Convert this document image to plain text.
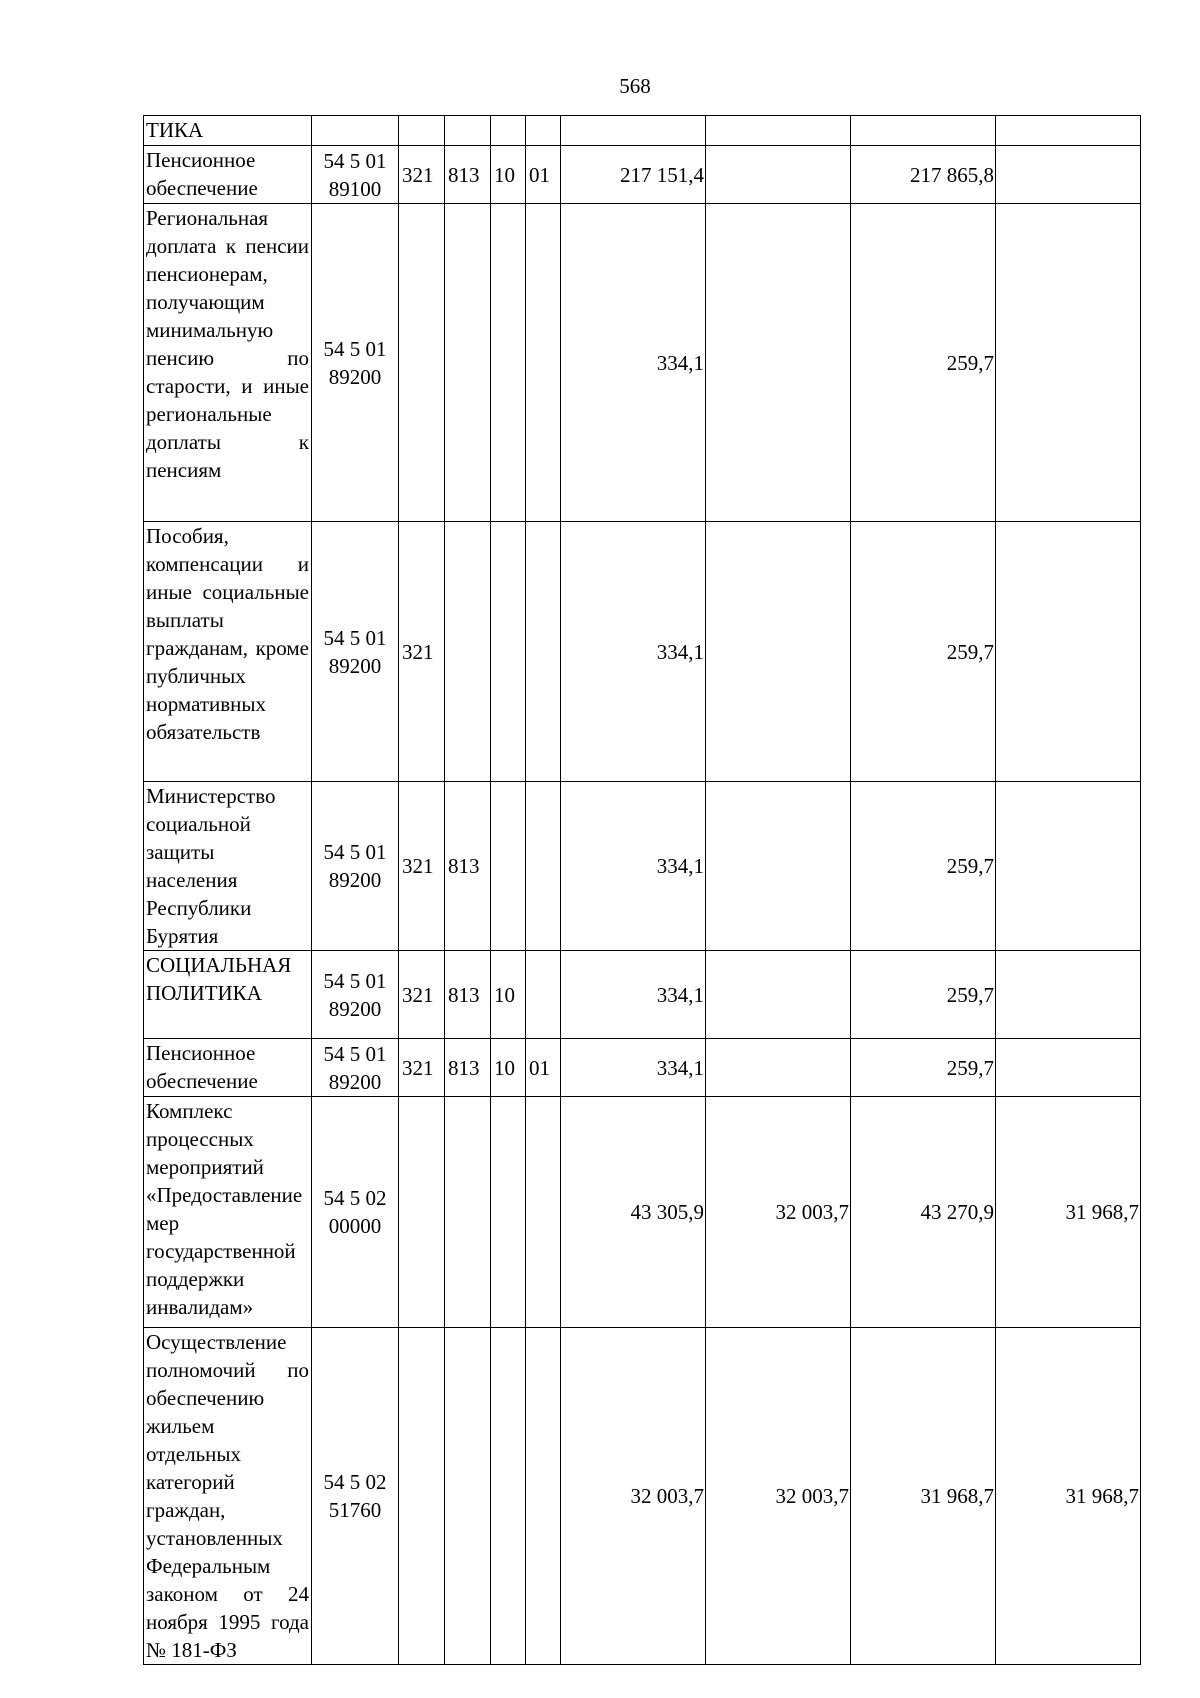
568
ТИКА									
Пенсионное обеспечение	54 5 01 89100	321	813	10	01	217 151,4		217 865,8	
Региональная доплата к пенсии пенсионерам, получающим минимальную пенсию по старости, и иные региональные доплаты к пенсиям	54 5 01 89200					334,1		259,7	
Пособия, компенсации и иные социальные выплаты гражданам, кроме публичных нормативных обязательств	54 5 01 89200	321				334,1		259,7	
Министерство социальной защиты населения Республики Бурятия	54 5 01 89200	321	813			334,1		259,7	
СОЦИАЛЬНАЯ ПОЛИТИКА	54 5 01 89200	321	813	10		334,1		259,7	
Пенсионное обеспечение	54 5 01 89200	321	813	10	01	334,1		259,7	
Комплекс процессных мероприятий «Предоставление мер государственной поддержки инвалидам»	54 5 02 00000					43 305,9	32 003,7	43 270,9	31 968,7
Осуществление полномочий по обеспечению жильем отдельных категорий граждан, установленных Федеральным законом от 24 ноября 1995 года № 181-ФЗ	54 5 02 51760					32 003,7	32 003,7	31 968,7	31 968,7
